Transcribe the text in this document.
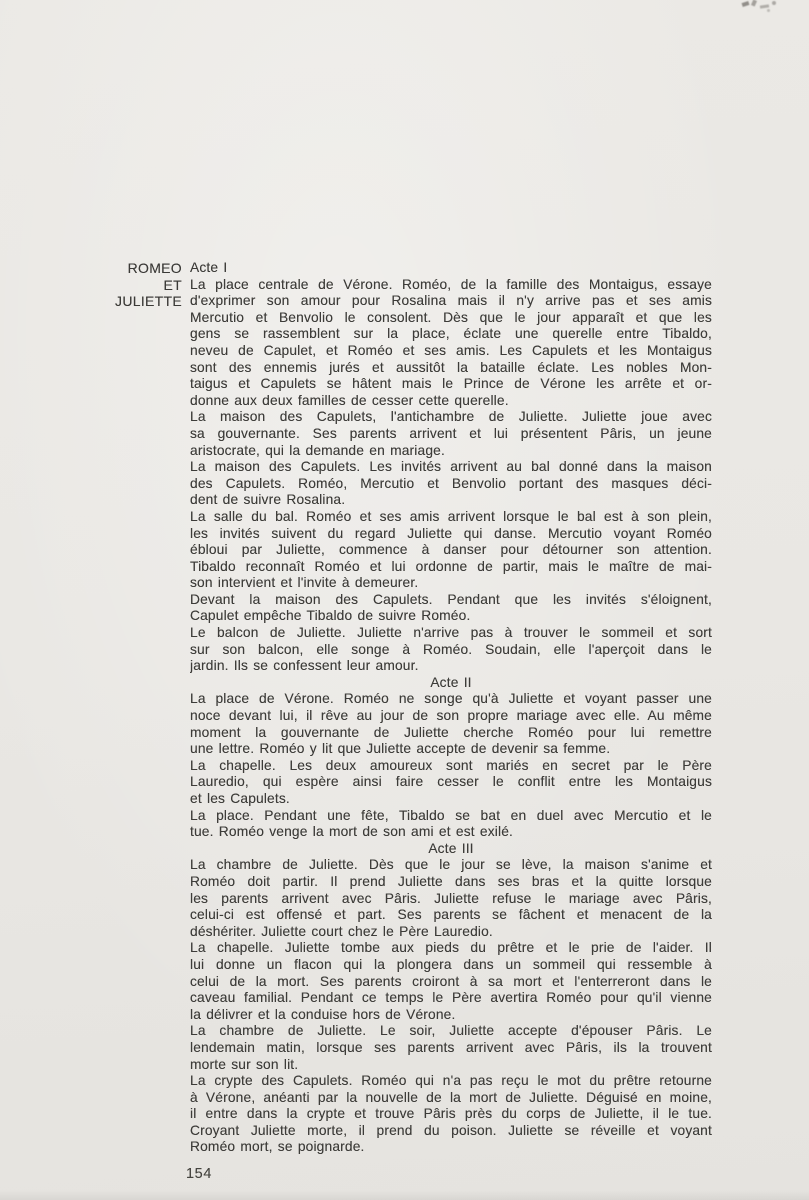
ROMEO
ET
JULIETTE
Acte I
La place centrale de Vérone. Roméo, de la famille des Montaigus, essaye
d'exprimer son amour pour Rosalina mais il n'y arrive pas et ses amis
Mercutio et Benvolio le consolent. Dès que le jour apparaît et que les
gens se rassemblent sur la place, éclate une querelle entre Tibaldo,
neveu de Capulet, et Roméo et ses amis. Les Capulets et les Montaigus
sont des ennemis jurés et aussitôt la bataille éclate. Les nobles Mon-
taigus et Capulets se hâtent mais le Prince de Vérone les arrête et or-
donne aux deux familles de cesser cette querelle.
La maison des Capulets, l'antichambre de Juliette. Juliette joue avec
sa gouvernante. Ses parents arrivent et lui présentent Pâris, un jeune
aristocrate, qui la demande en mariage.
La maison des Capulets. Les invités arrivent au bal donné dans la maison
des Capulets. Roméo, Mercutio et Benvolio portant des masques déci-
dent de suivre Rosalina.
La salle du bal. Roméo et ses amis arrivent lorsque le bal est à son plein,
les invités suivent du regard Juliette qui danse. Mercutio voyant Roméo
ébloui par Juliette, commence à danser pour détourner son attention.
Tibaldo reconnaît Roméo et lui ordonne de partir, mais le maître de mai-
son intervient et l'invite à demeurer.
Devant la maison des Capulets. Pendant que les invités s'éloignent,
Capulet empêche Tibaldo de suivre Roméo.
Le balcon de Juliette. Juliette n'arrive pas à trouver le sommeil et sort
sur son balcon, elle songe à Roméo. Soudain, elle l'aperçoit dans le
jardin. Ils se confessent leur amour.
Acte II
La place de Vérone. Roméo ne songe qu'à Juliette et voyant passer une
noce devant lui, il rêve au jour de son propre mariage avec elle. Au même
moment la gouvernante de Juliette cherche Roméo pour lui remettre
une lettre. Roméo y lit que Juliette accepte de devenir sa femme.
La chapelle. Les deux amoureux sont mariés en secret par le Père
Lauredio, qui espère ainsi faire cesser le conflit entre les Montaigus
et les Capulets.
La place. Pendant une fête, Tibaldo se bat en duel avec Mercutio et le
tue. Roméo venge la mort de son ami et est exilé.
Acte III
La chambre de Juliette. Dès que le jour se lève, la maison s'anime et
Roméo doit partir. Il prend Juliette dans ses bras et la quitte lorsque
les parents arrivent avec Pâris. Juliette refuse le mariage avec Pâris,
celui-ci est offensé et part. Ses parents se fâchent et menacent de la
déshériter. Juliette court chez le Père Lauredio.
La chapelle. Juliette tombe aux pieds du prêtre et le prie de l'aider. Il
lui donne un flacon qui la plongera dans un sommeil qui ressemble à
celui de la mort. Ses parents croiront à sa mort et l'enterreront dans le
caveau familial. Pendant ce temps le Père avertira Roméo pour qu'il vienne
la délivrer et la conduise hors de Vérone.
La chambre de Juliette. Le soir, Juliette accepte d'épouser Pâris. Le
lendemain matin, lorsque ses parents arrivent avec Pâris, ils la trouvent
morte sur son lit.
La crypte des Capulets. Roméo qui n'a pas reçu le mot du prêtre retourne
à Vérone, anéanti par la nouvelle de la mort de Juliette. Déguisé en moine,
il entre dans la crypte et trouve Pâris près du corps de Juliette, il le tue.
Croyant Juliette morte, il prend du poison. Juliette se réveille et voyant
Roméo mort, se poignarde.
154
